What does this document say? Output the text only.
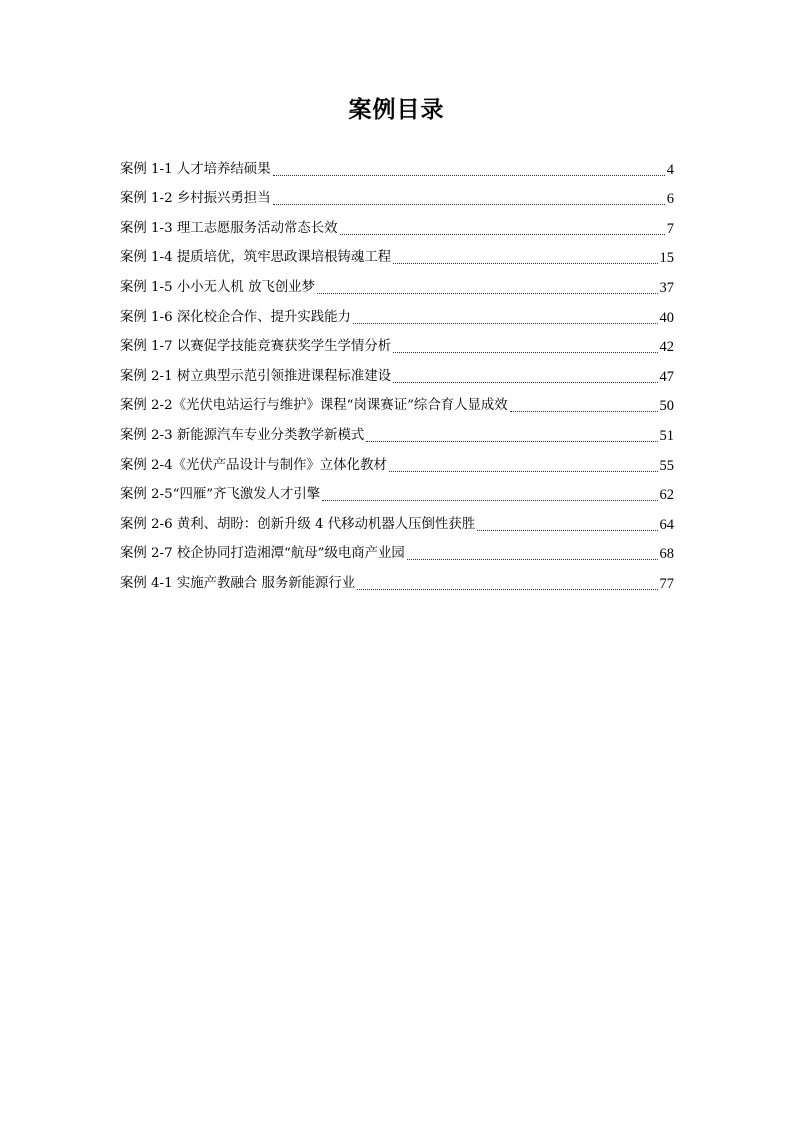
案例目录
案例 1-1 人才培养结硕果	4
案例 1-2 乡村振兴勇担当	6
案例 1-3 理工志愿服务活动常态长效	7
案例 1-4 提质培优，筑牢思政课培根铸魂工程	15
案例 1-5 小小无人机 放飞创业梦	37
案例 1-6 深化校企合作、提升实践能力	40
案例 1-7 以赛促学技能竞赛获奖学生学情分析	42
案例 2-1 树立典型示范引领推进课程标准建设	47
案例 2-2《光伏电站运行与维护》课程“岗课赛证”综合育人显成效	50
案例 2-3 新能源汽车专业分类教学新模式	51
案例 2-4《光伏产品设计与制作》立体化教材	55
案例 2-5“四雁”齐飞激发人才引擎	62
案例 2-6 黄利、胡盼：创新升级 4 代移动机器人压倒性获胜	64
案例 2-7 校企协同打造湘潭“航母”级电商产业园	68
案例 4-1 实施产教融合 服务新能源行业	77
